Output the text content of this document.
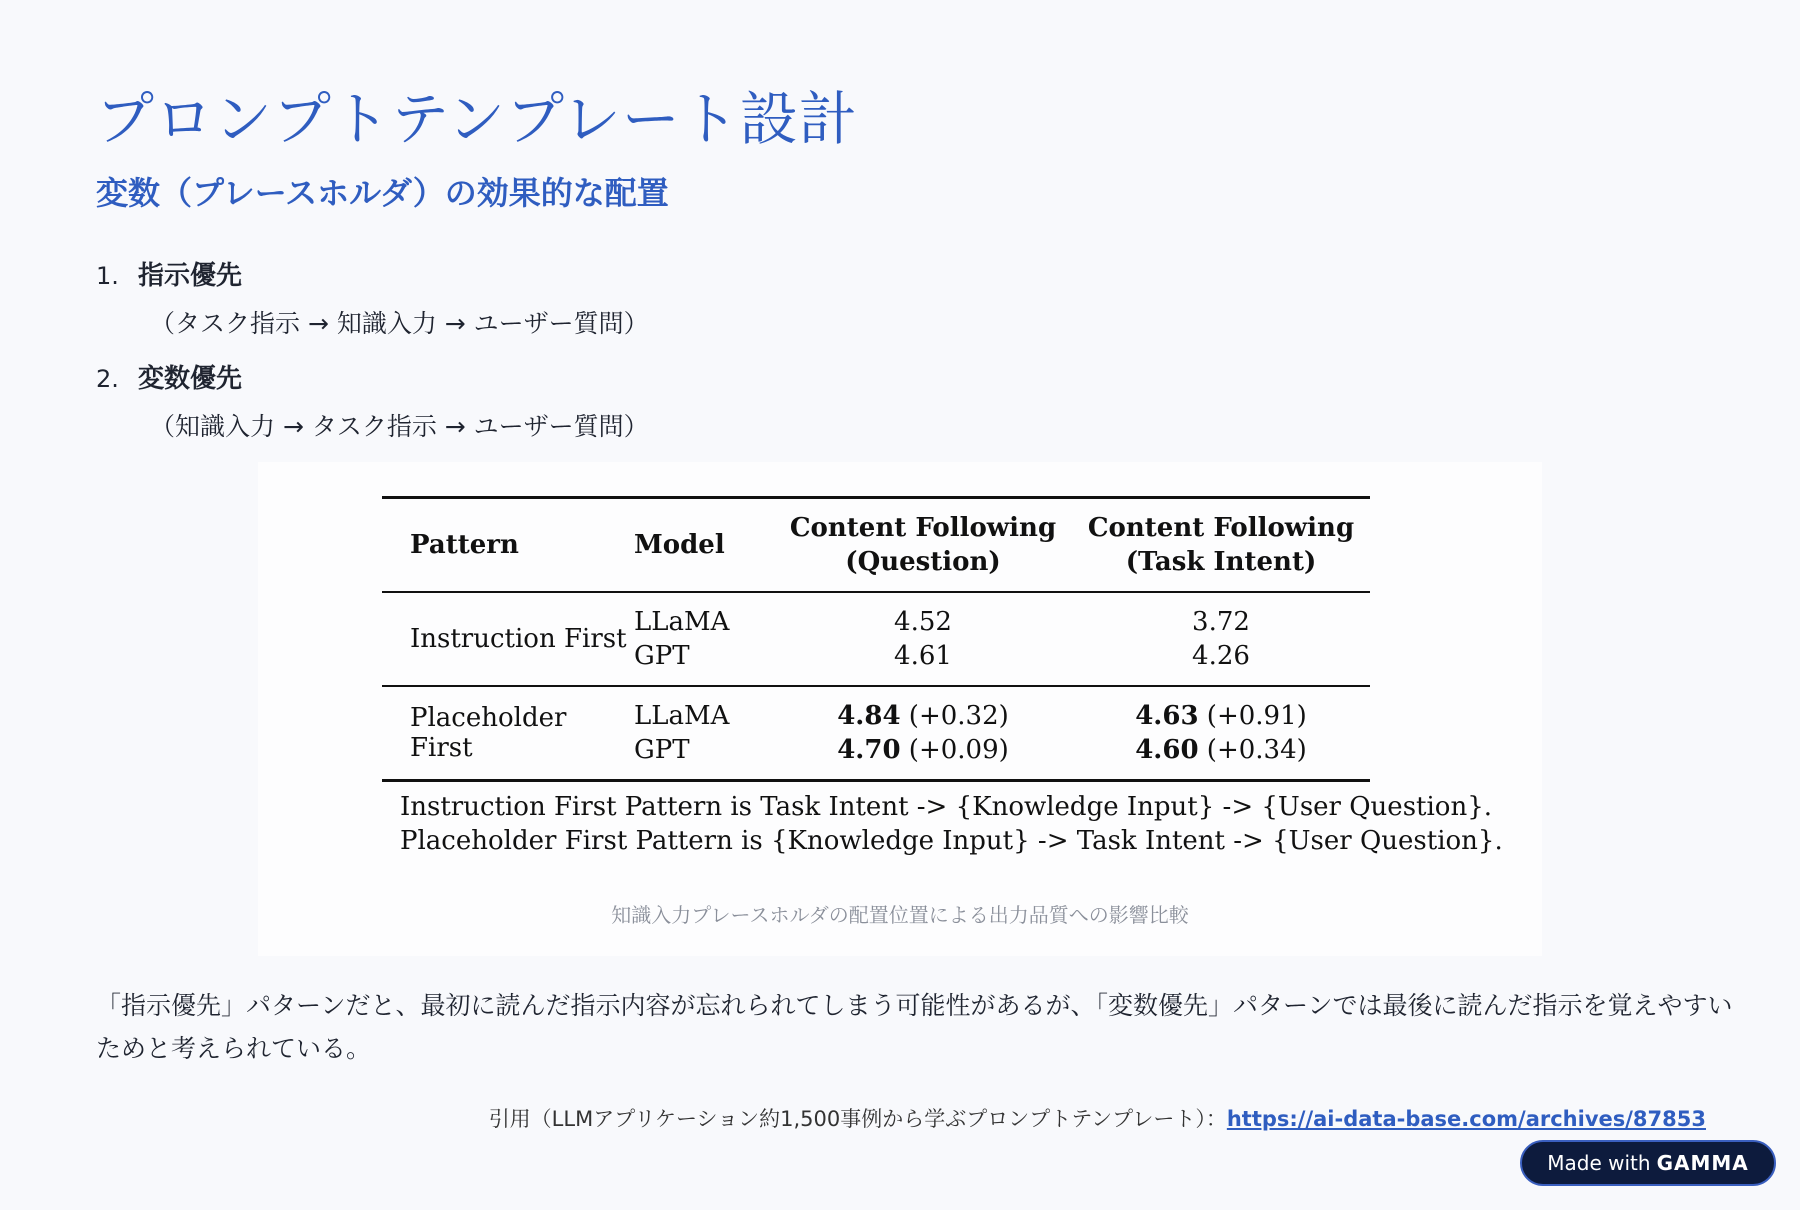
プロンプトテンプレート設計
変数（プレースホルダ）の効果的な配置
1. 指示優先
（タスク指示 → 知識入力 → ユーザー質問）
2. 変数優先
（知識入力 → タスク指示 → ユーザー質問）
Pattern	Model
Content Following
(Question)
Content Following
(Task Intent)
Instruction First
LLaMA
GPT
4.52
4.61
3.72
4.26
Placeholder First
LLaMA
GPT
4.84 (+0.32)
4.70 (+0.09)
4.63 (+0.91)
4.60 (+0.34)
Instruction First Pattern is Task Intent -> {Knowledge Input} -> {User Question}.
Placeholder First Pattern is {Knowledge Input} -> Task Intent -> {User Question}.
知識入力プレースホルダの配置位置による出力品質への影響比較

「指示優先」パターンだと、最初に読んだ指示内容が忘れられてしまう可能性があるが、「変数優先」パターンでは最後に読んだ指示を覚えやすいためと考えられている。

引用（LLMアプリケーション約1,500事例から学ぶプロンプトテンプレート）：https://ai-data-base.com/archives/87853
Made with GAMMA
